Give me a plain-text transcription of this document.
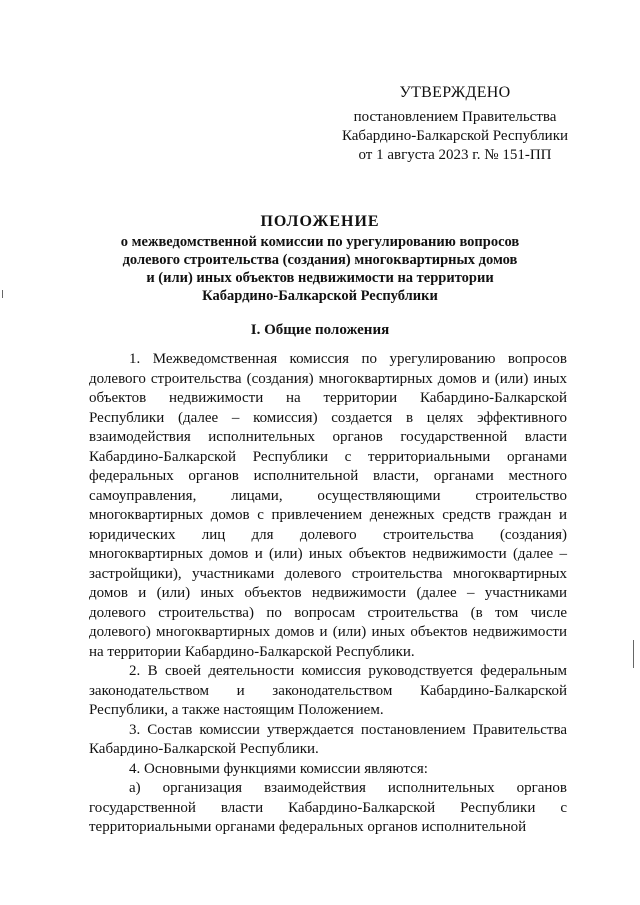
УТВЕРЖДЕНО
постановлением Правительства
Кабардино-Балкарской Республики
от 1 августа 2023 г. № 151-ПП
ПОЛОЖЕНИЕ
о межведомственной комиссии по урегулированию вопросов
долевого строительства (создания) многоквартирных домов
и (или) иных объектов недвижимости на территории
Кабардино-Балкарской Республики
I. Общие положения

1. Межведомственная комиссия по урегулированию вопросов долевого строительства (создания) многоквартирных домов и (или) иных объектов недвижимости на территории Кабардино-Балкарской Республики (далее – комиссия) создается в целях эффективного взаимодействия исполнительных органов государственной власти Кабардино-Балкарской Республики с территориальными органами федеральных органов исполнительной власти, органами местного самоуправления, лицами, осуществляющими строительство многоквартирных домов с привлечением денежных средств граждан и юридических лиц для долевого строительства (создания) многоквартирных домов и (или) иных объектов недвижимости (далее – застройщики), участниками долевого строительства многоквартирных домов и (или) иных объектов недвижимости (далее – участниками долевого строительства) по вопросам строительства (в том числе долевого) многоквартирных домов и (или) иных объектов недвижимости на территории Кабардино-Балкарской Республики.

2. В своей деятельности комиссия руководствуется федеральным законодательством и законодательством Кабардино-Балкарской Республики, а также настоящим Положением.

3. Состав комиссии утверждается постановлением Правительства Кабардино-Балкарской Республики.

4. Основными функциями комиссии являются:

а) организация взаимодействия исполнительных органов государственной власти Кабардино-Балкарской Республики с территориальными органами федеральных органов исполнительной
